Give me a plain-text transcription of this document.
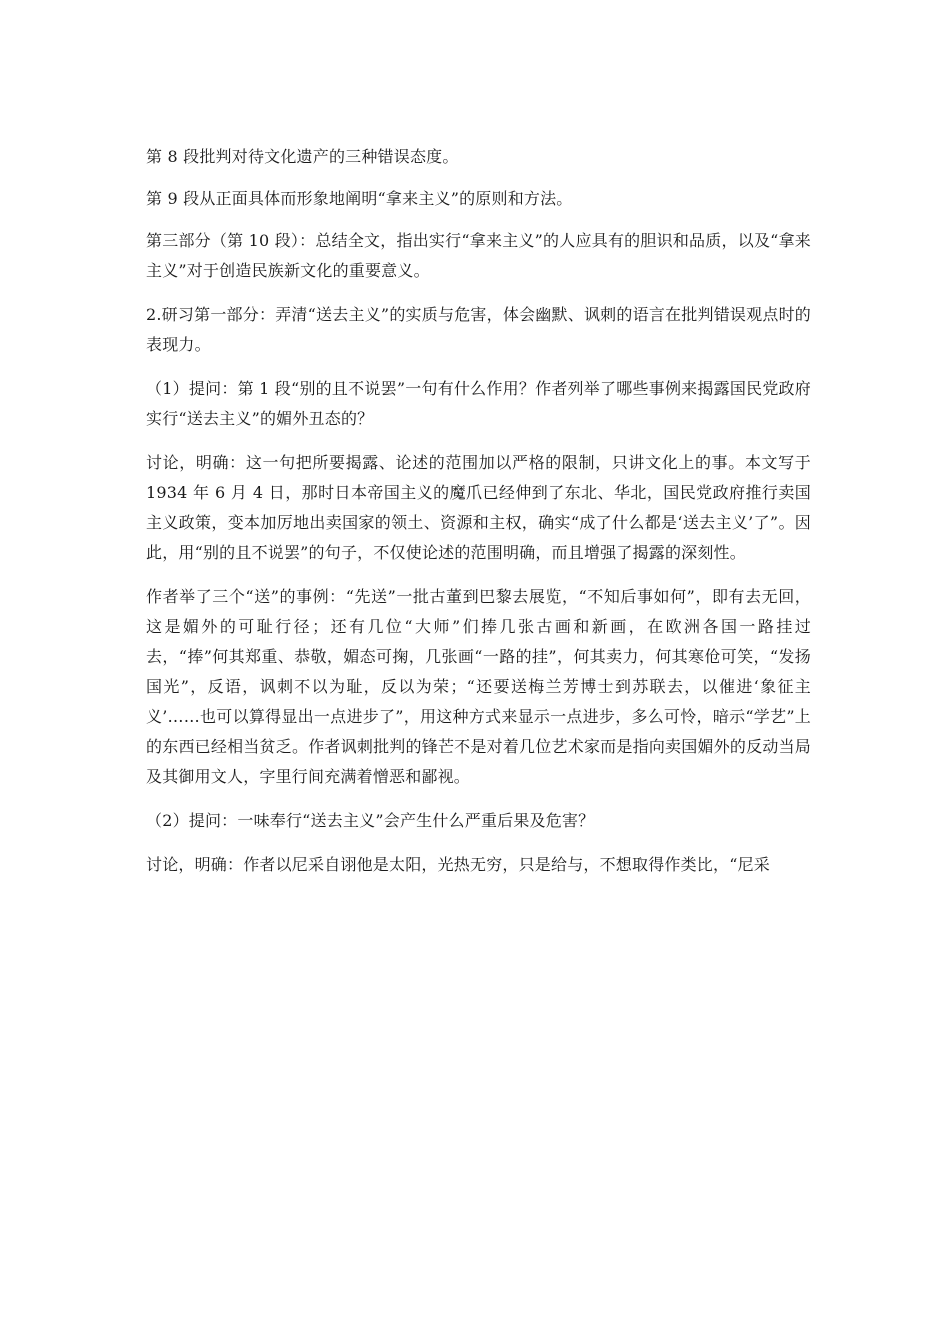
第 8 段批判对待文化遗产的三种错误态度。

第 9 段从正面具体而形象地阐明“拿来主义”的原则和方法。

第三部分（第 10 段）：总结全文，指出实行“拿来主义”的人应具有的胆识和品质，以及“拿来主义”对于创造民族新文化的重要意义。

2.研习第一部分：弄清“送去主义”的实质与危害，体会幽默、讽刺的语言在批判错误观点时的表现力。

（1）提问：第 1 段“别的且不说罢”一句有什么作用？作者列举了哪些事例来揭露国民党政府实行“送去主义”的媚外丑态的？

讨论，明确：这一句把所要揭露、论述的范围加以严格的限制，只讲文化上的事。本文写于 1934 年 6 月 4 日，那时日本帝国主义的魔爪已经伸到了东北、华北，国民党政府推行卖国主义政策，变本加厉地出卖国家的领土、资源和主权，确实“成了什么都是‘送去主义’了”。因此，用“别的且不说罢”的句子，不仅使论述的范围明确，而且增强了揭露的深刻性。

作者举了三个“送”的事例：“先送”一批古董到巴黎去展览，“不知后事如何”，即有去无回，这是媚外的可耻行径；还有几位“大师”们捧几张古画和新画，在欧洲各国一路挂过去，“捧”何其郑重、恭敬，媚态可掬，几张画“一路的挂”，何其卖力，何其寒伧可笑，“发扬国光”，反语，讽刺不以为耻，反以为荣；“还要送梅兰芳博士到苏联去，以催进‘象征主义’……也可以算得显出一点进步了”，用这种方式来显示一点进步，多么可怜，暗示“学艺”上的东西已经相当贫乏。作者讽刺批判的锋芒不是对着几位艺术家而是指向卖国媚外的反动当局及其御用文人，字里行间充满着憎恶和鄙视。

（2）提问：一味奉行“送去主义”会产生什么严重后果及危害？

讨论，明确：作者以尼采自诩他是太阳，光热无穷，只是给与，不想取得作类比，“尼采
